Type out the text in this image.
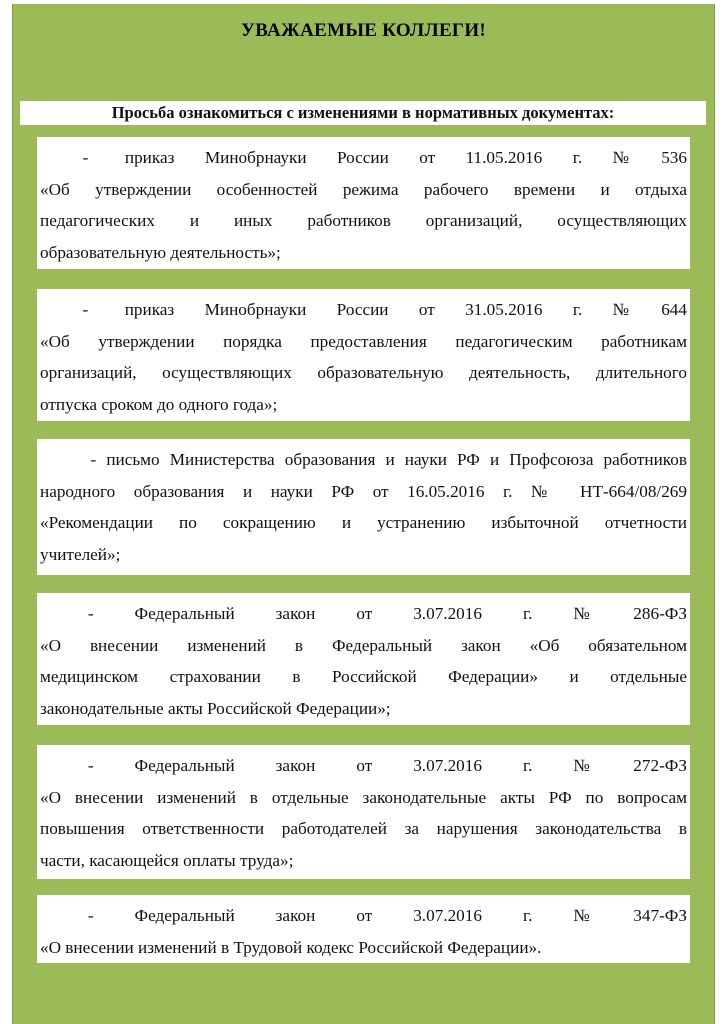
УВАЖАЕМЫЕ КОЛЛЕГИ!
Просьба ознакомиться с изменениями в нормативных документах:
-      приказ     Минобрнауки     России     от     11.05.2016     г.     №     536
«Об утверждении особенностей режима рабочего времени и отдыха
педагогических и иных работников организаций, осуществляющих
образовательную деятельность»;
-      приказ     Минобрнауки     России     от     31.05.2016     г.     №     644
«Об утверждении порядка предоставления педагогическим работникам
организаций, осуществляющих образовательную деятельность, длительного
отпуска сроком до одного года»;
- письмо Министерства образования и науки РФ и Профсоюза работников
народного образования и науки РФ от 16.05.2016 г. № НТ-664/08/269
«Рекомендации по сокращению и устранению избыточной отчетности
учителей»;
-      Федеральный      закон      от      3.07.2016      г.      №      286-ФЗ
«О внесении изменений в Федеральный закон «Об обязательном
медицинском страховании в Российской Федерации» и отдельные
законодательные акты Российской Федерации»;
-      Федеральный      закон      от      3.07.2016      г.      №      272-ФЗ
«О внесении изменений в отдельные законодательные акты РФ по вопросам
повышения ответственности работодателей за нарушения законодательства в
части, касающейся оплаты труда»;
-      Федеральный      закон      от      3.07.2016      г.      №      347-ФЗ
«О внесении изменений в Трудовой кодекс Российской Федерации».
